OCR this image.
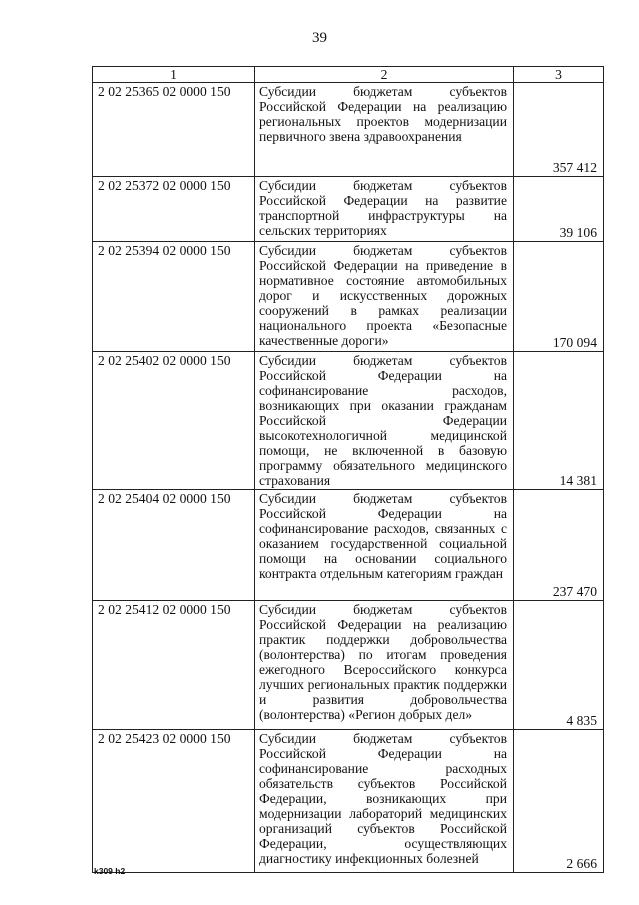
39
1	2	3
2 02 25365 02 0000 150	Субсидии бюджетам субъектов Российской Федерации на реализацию региональных проектов модернизации первичного звена здравоохранения	357 412
2 02 25372 02 0000 150	Субсидии бюджетам субъектов Российской Федерации на развитие транспортной инфраструктуры на сельских территориях	39 106
2 02 25394 02 0000 150	Субсидии бюджетам субъектов Российской Федерации на приведение в нормативное состояние автомобильных дорог и искусственных дорожных сооружений в рамках реализации национального проекта «Безопасные качественные дороги»	170 094
2 02 25402 02 0000 150	Субсидии бюджетам субъектов Российской Федерации на софинансирование расходов, возникающих при оказании гражданам Российской Федерации высокотехнологичной медицинской помощи, не включенной в базовую программу обязательного медицинского страхования	14 381
2 02 25404 02 0000 150	Субсидии бюджетам субъектов Российской Федерации на софинансирование расходов, связанных с оказанием государственной социальной помощи на основании социального контракта отдельным категориям граждан	237 470
2 02 25412 02 0000 150	Субсидии бюджетам субъектов Российской Федерации на реализацию практик поддержки добровольчества (волонтерства) по итогам проведения ежегодного Всероссийского конкурса лучших региональных практик поддержки и развития добровольчества (волонтерства) «Регион добрых дел»	4 835
2 02 25423 02 0000 150	Субсидии бюджетам субъектов Российской Федерации на софинансирование расходных обязательств субъектов Российской Федерации, возникающих при модернизации лабораторий медицинских организаций субъектов Российской Федерации, осуществляющих диагностику инфекционных болезней	2 666
k309 h2
